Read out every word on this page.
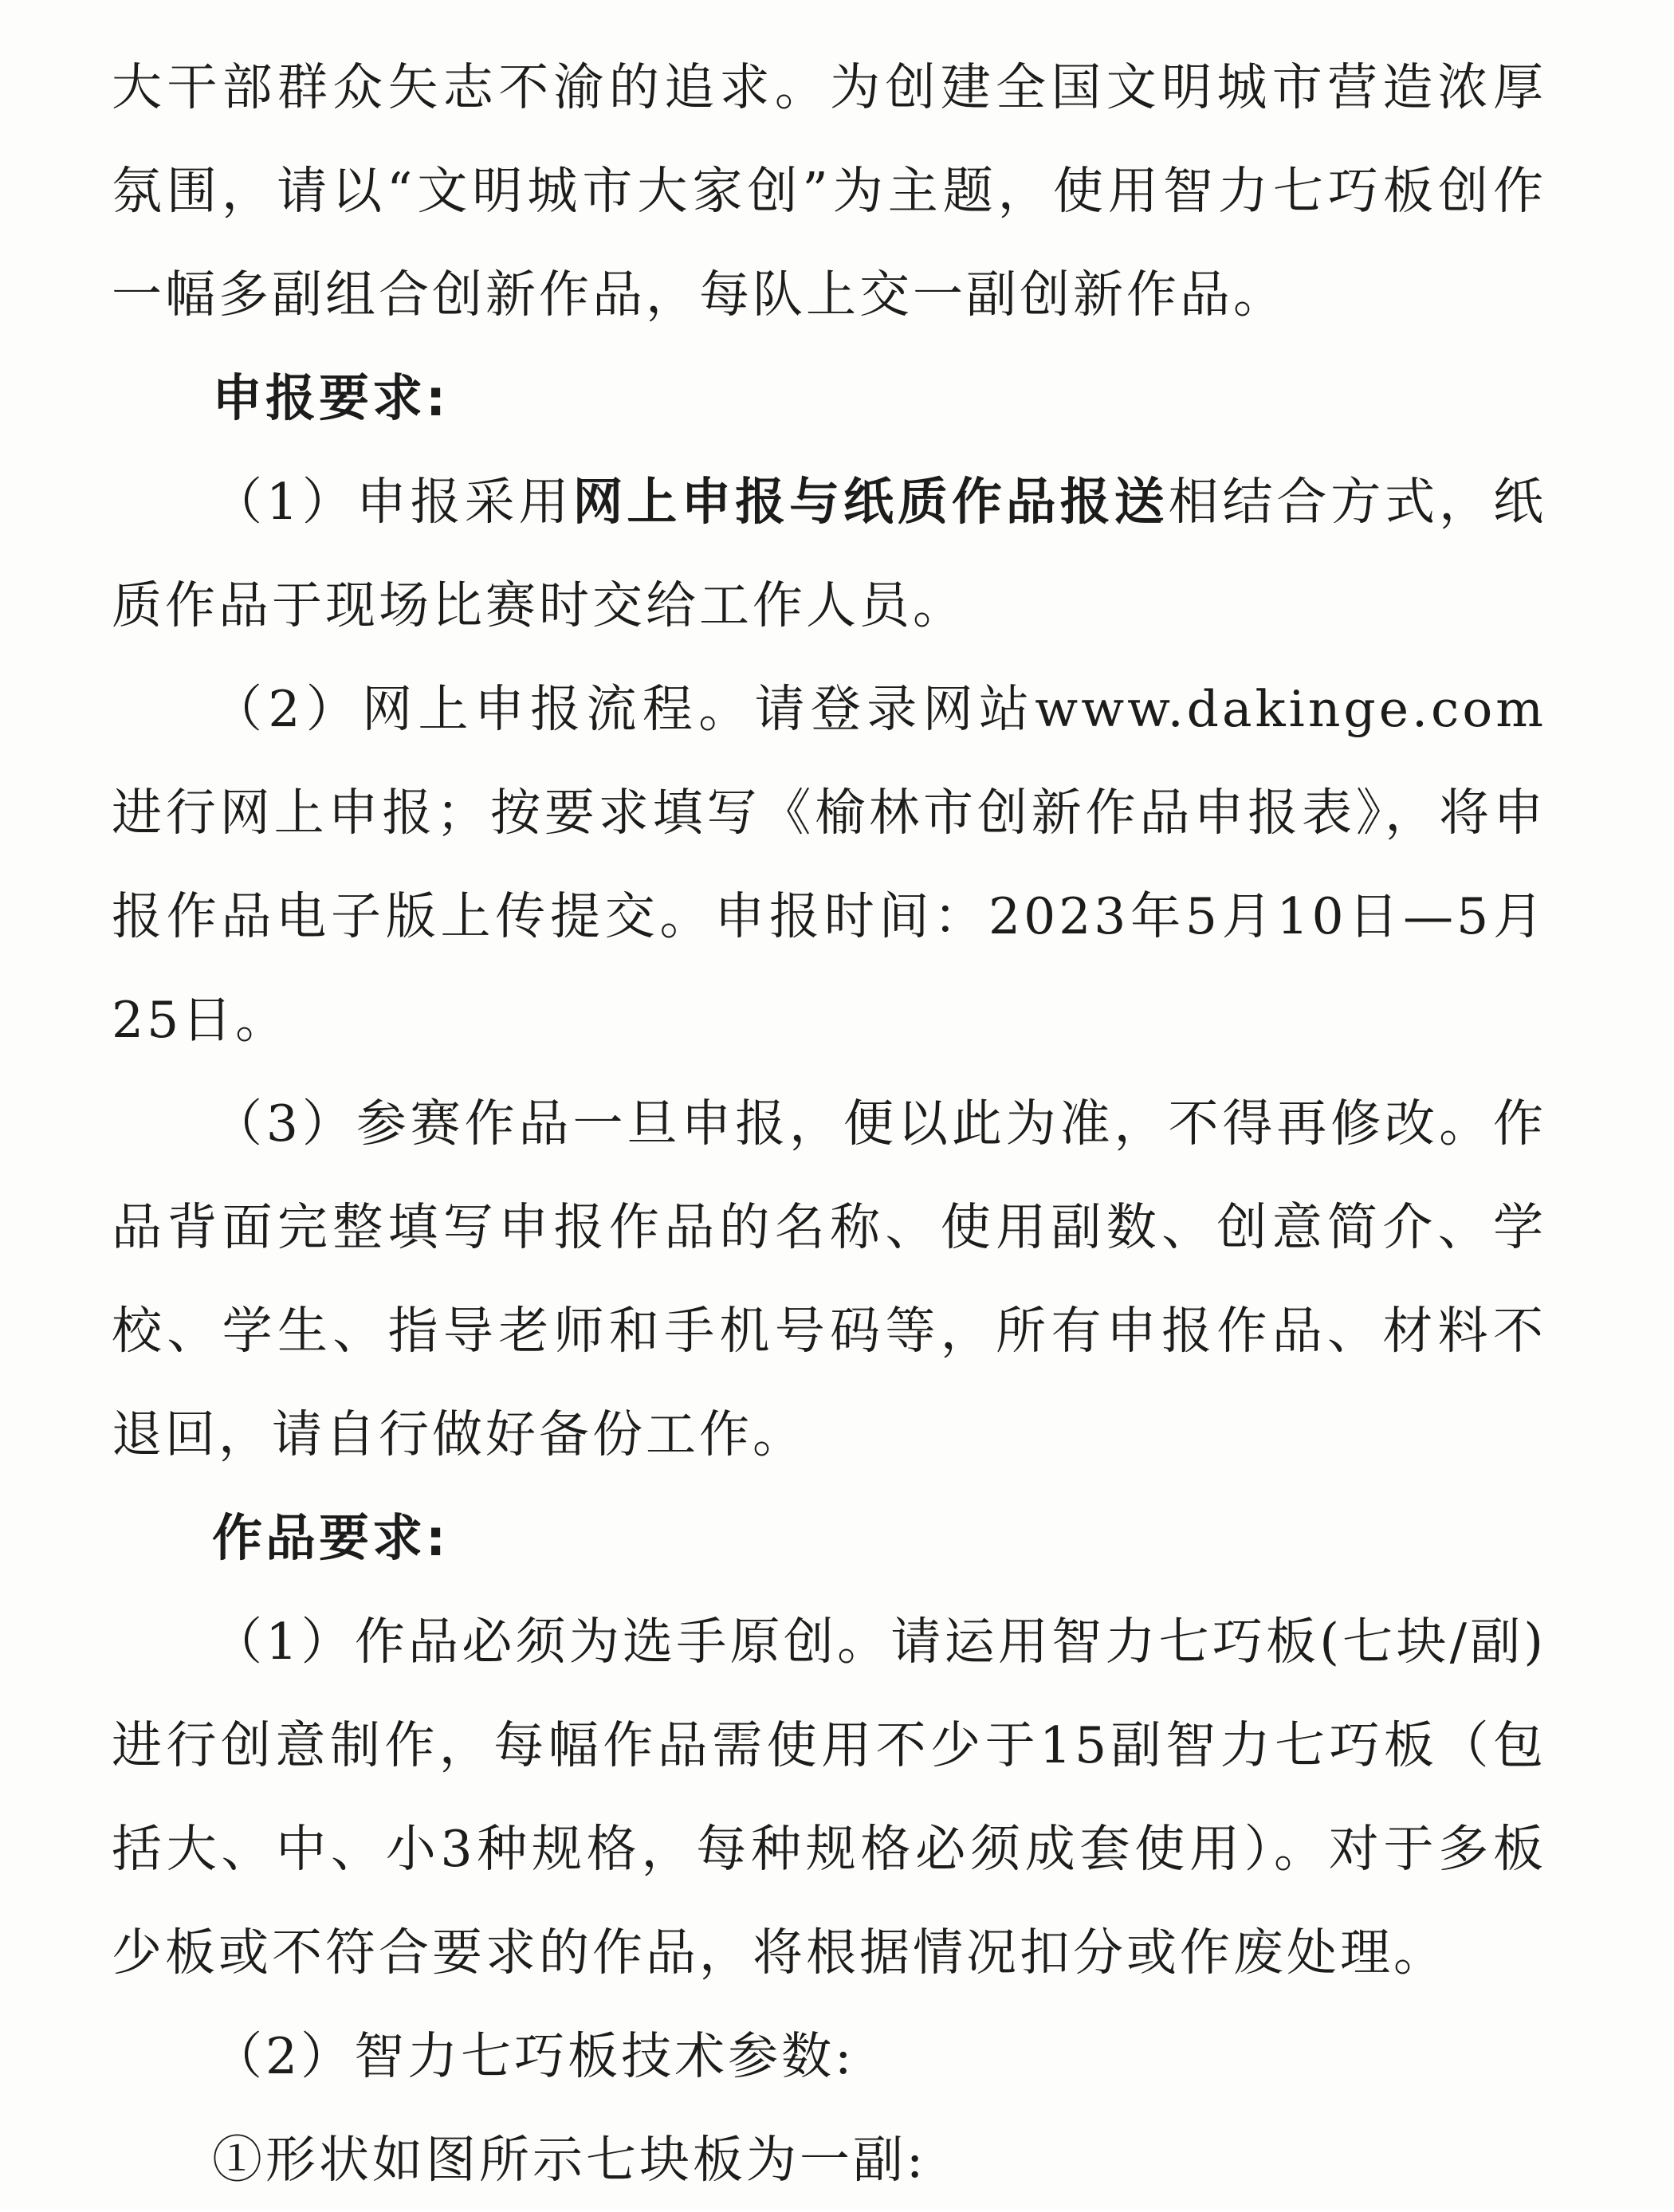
大干部群众矢志不渝的追求。为创建全国文明城市营造浓厚氛围，请以“文明城市大家创”为主题，使用智力七巧板创作一幅多副组合创新作品，每队上交一副创新作品。

申报要求:

（1）申报采用网上申报与纸质作品报送相结合方式，纸质作品于现场比赛时交给工作人员。

（2）网上申报流程。请登录网站www.dakinge.com进行网上申报；按要求填写《榆林市创新作品申报表》，将申报作品电子版上传提交。申报时间：2023年5月10日—5月25日。

（3）参赛作品一旦申报，便以此为准，不得再修改。作品背面完整填写申报作品的名称、使用副数、创意简介、学校、学生、指导老师和手机号码等，所有申报作品、材料不退回，请自行做好备份工作。

作品要求:

（1）作品必须为选手原创。请运用智力七巧板(七块/副)进行创意制作，每幅作品需使用不少于15副智力七巧板（包括大、中、小3种规格，每种规格必须成套使用）。对于多板少板或不符合要求的作品，将根据情况扣分或作废处理。

（2）智力七巧板技术参数:

①形状如图所示七块板为一副:
